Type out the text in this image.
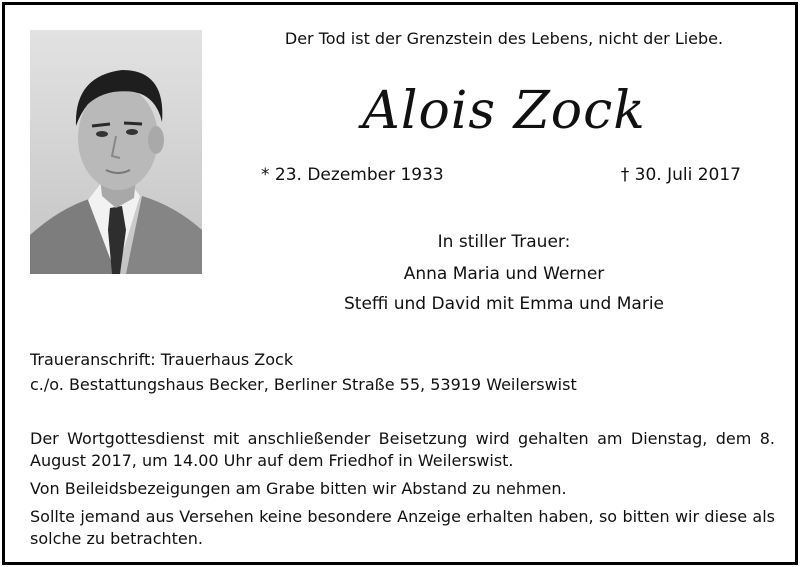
Der Tod ist der Grenzstein des Lebens, nicht der Liebe.
Alois Zock
* 23. Dezember 1933	† 30. Juli 2017
In stiller Trauer:
Anna Maria und Werner
Steffi und David mit Emma und Marie
Traueranschrift: Trauerhaus Zock
c./o. Bestattungshaus Becker, Berliner Straße 55, 53919 Weilerswist

Der Wortgottesdienst mit anschließender Beisetzung wird gehalten am Dienstag, dem 8. August 2017, um 14.00 Uhr auf dem Friedhof in Weilerswist.

Von Beileidsbezeigungen am Grabe bitten wir Abstand zu nehmen.

Sollte jemand aus Versehen keine besondere Anzeige erhalten haben, so bitten wir diese als solche zu betrachten.
